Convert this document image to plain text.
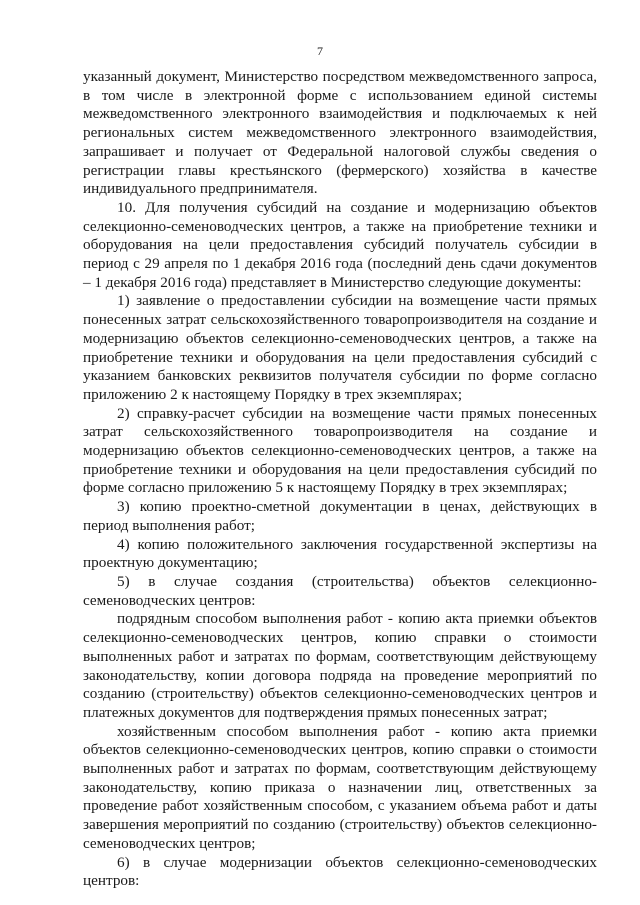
7

указанный документ, Министерство посредством межведомственного запроса, в том числе в электронной форме с использованием единой системы межведомственного электронного взаимодействия и подключаемых к ней региональных систем межведомственного электронного взаимодействия, запрашивает и получает от Федеральной налоговой службы сведения о регистрации главы крестьянского (фермерского) хозяйства в качестве индивидуального предпринимателя.

10. Для получения субсидий на создание и модернизацию объектов селекционно-семеноводческих центров, а также на приобретение техники и оборудования на цели предоставления субсидий получатель субсидии в период с 29 апреля по 1 декабря 2016 года (последний день сдачи документов – 1 декабря 2016 года) представляет в Министерство следующие документы:

1) заявление о предоставлении субсидии на возмещение части прямых понесенных затрат сельскохозяйственного товаропроизводителя на создание и модернизацию объектов селекционно-семеноводческих центров, а также на приобретение техники и оборудования на цели предоставления субсидий с указанием банковских реквизитов получателя субсидии по форме согласно приложению 2 к настоящему Порядку в трех экземплярах;

2) справку-расчет субсидии на возмещение части прямых понесенных затрат сельскохозяйственного товаропроизводителя на создание и модернизацию объектов селекционно-семеноводческих центров, а также на приобретение техники и оборудования на цели предоставления субсидий по форме согласно приложению 5 к настоящему Порядку в трех экземплярах;

3) копию проектно-сметной документации в ценах, действующих в период выполнения работ;

4) копию положительного заключения государственной экспертизы на проектную документацию;

5) в случае создания (строительства) объектов селекционно-семеноводческих центров:

подрядным способом выполнения работ - копию акта приемки объектов селекционно-семеноводческих центров, копию справки о стоимости выполненных работ и затратах по формам, соответствующим действующему законодательству, копии договора подряда на проведение мероприятий по созданию (строительству) объектов селекционно-семеноводческих центров и платежных документов для подтверждения прямых понесенных затрат;

хозяйственным способом выполнения работ - копию акта приемки объектов селекционно-семеноводческих центров, копию справки о стоимости выполненных работ и затратах по формам, соответствующим действующему законодательству, копию приказа о назначении лиц, ответственных за проведение работ хозяйственным способом, с указанием объема работ и даты завершения мероприятий по созданию (строительству) объектов селекционно-семеноводческих центров;

6) в случае модернизации объектов селекционно-семеноводческих центров:
